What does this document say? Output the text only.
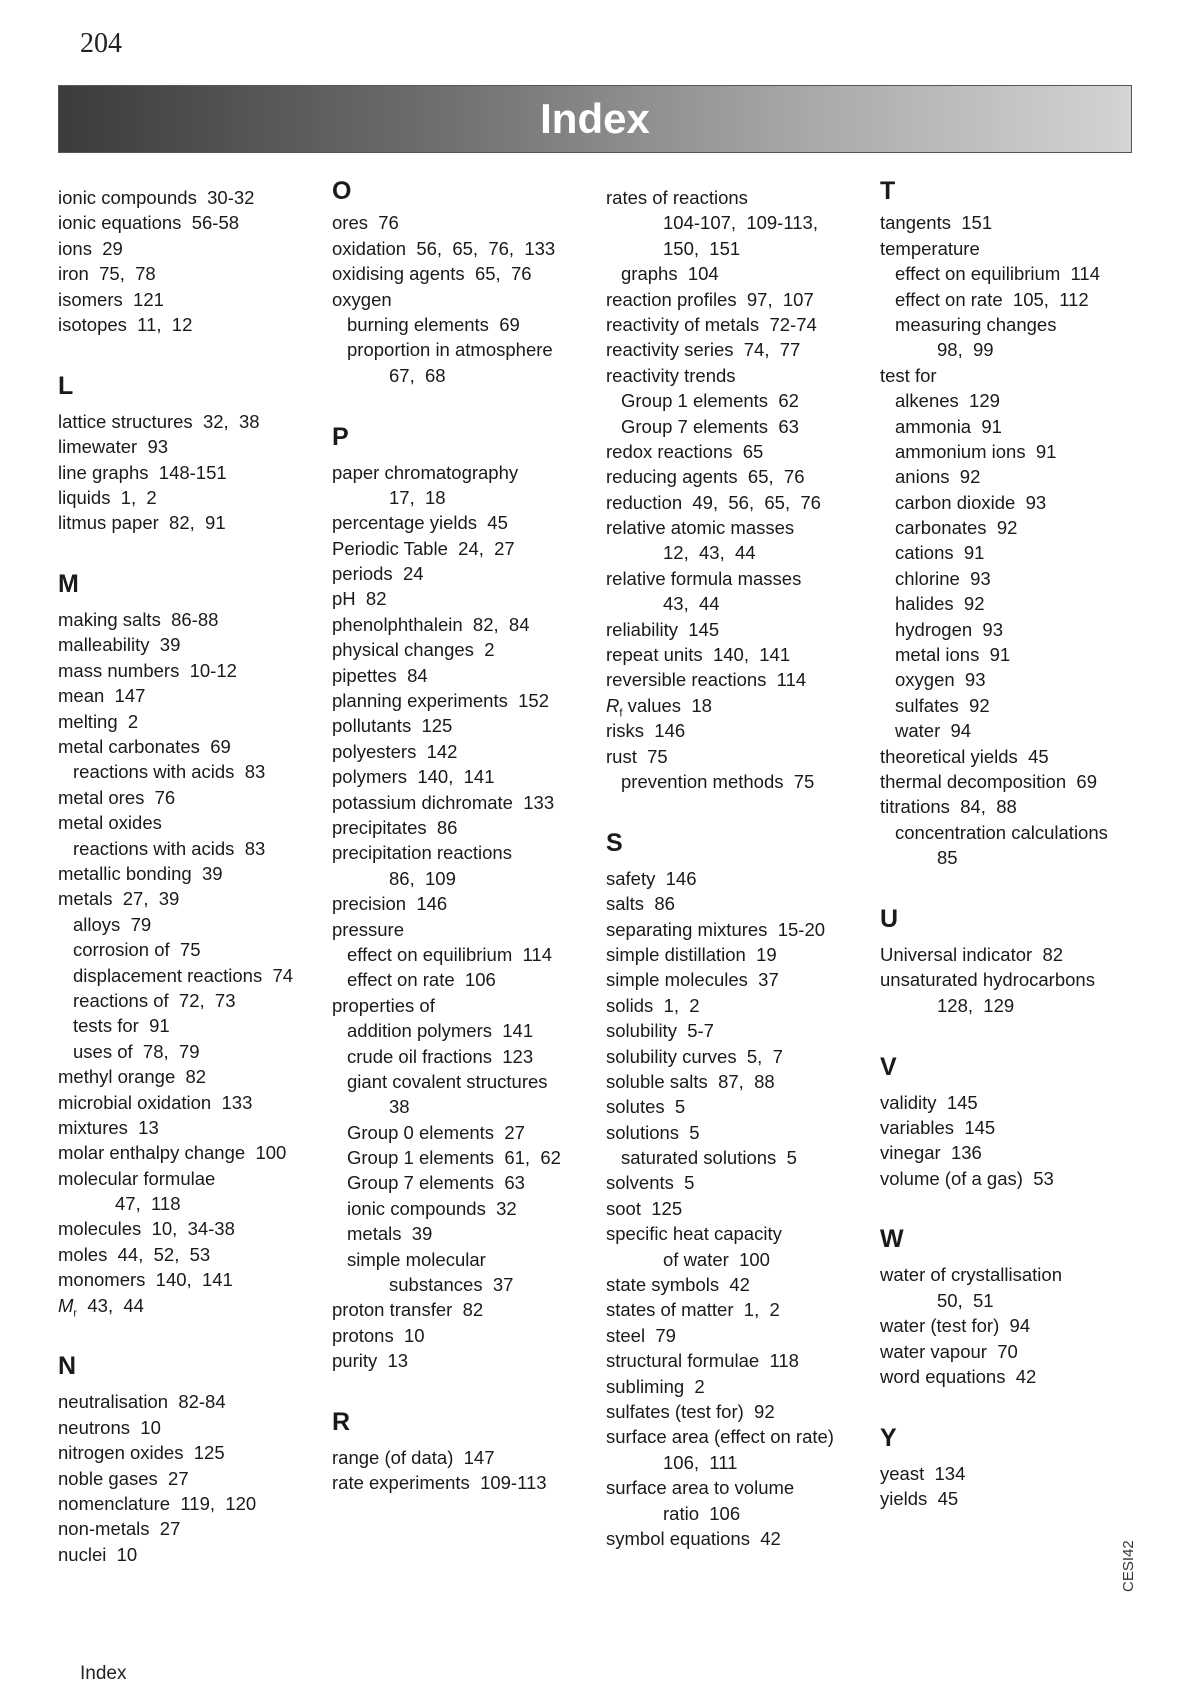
204
Index
ionic compounds  30-32
ionic equations  56-58
ions  29
iron  75,  78
isomers  121
isotopes  11,  12
L
lattice structures  32,  38
limewater  93
line graphs  148-151
liquids  1,  2
litmus paper  82,  91
M
making salts  86-88
malleability  39
mass numbers  10-12
mean  147
melting  2
metal carbonates  69
reactions with acids  83
metal ores  76
metal oxides
reactions with acids  83
metallic bonding  39
metals  27,  39
alloys  79
corrosion of  75
displacement reactions  74
reactions of  72,  73
tests for  91
uses of  78,  79
methyl orange  82
microbial oxidation  133
mixtures  13
molar enthalpy change  100
molecular formulae
47,  118
molecules  10,  34-38
moles  44,  52,  53
monomers  140,  141
$M_r$  43,  44
N
neutralisation  82-84
neutrons  10
nitrogen oxides  125
noble gases  27
nomenclature  119,  120
non-metals  27
nuclei  10
O
ores  76
oxidation  56,  65,  76,  133
oxidising agents  65,  76
oxygen
burning elements  69
proportion in atmosphere
67,  68
P
paper chromatography
17,  18
percentage yields  45
Periodic Table  24,  27
periods  24
pH  82
phenolphthalein  82,  84
physical changes  2
pipettes  84
planning experiments  152
pollutants  125
polyesters  142
polymers  140,  141
potassium dichromate  133
precipitates  86
precipitation reactions
86,  109
precision  146
pressure
effect on equilibrium  114
effect on rate  106
properties of
addition polymers  141
crude oil fractions  123
giant covalent structures
38
Group 0 elements  27
Group 1 elements  61,  62
Group 7 elements  63
ionic compounds  32
metals  39
simple molecular
substances  37
proton transfer  82
protons  10
purity  13
R
range (of data)  147
rate experiments  109-113
rates of reactions
104-107,  109-113,
150,  151
graphs  104
reaction profiles  97,  107
reactivity of metals  72-74
reactivity series  74,  77
reactivity trends
Group 1 elements  62
Group 7 elements  63
redox reactions  65
reducing agents  65,  76
reduction  49,  56,  65,  76
relative atomic masses
12,  43,  44
relative formula masses
43,  44
reliability  145
repeat units  140,  141
reversible reactions  114
$R_f$ values  18
risks  146
rust  75
prevention methods  75
S
safety  146
salts  86
separating mixtures  15-20
simple distillation  19
simple molecules  37
solids  1,  2
solubility  5-7
solubility curves  5,  7
soluble salts  87,  88
solutes  5
solutions  5
saturated solutions  5
solvents  5
soot  125
specific heat capacity
of water  100
state symbols  42
states of matter  1,  2
steel  79
structural formulae  118
subliming  2
sulfates (test for)  92
surface area (effect on rate)
106,  111
surface area to volume
ratio  106
symbol equations  42
T
tangents  151
temperature
effect on equilibrium  114
effect on rate  105,  112
measuring changes
98,  99
test for
alkenes  129
ammonia  91
ammonium ions  91
anions  92
carbon dioxide  93
carbonates  92
cations  91
chlorine  93
halides  92
hydrogen  93
metal ions  91
oxygen  93
sulfates  92
water  94
theoretical yields  45
thermal decomposition  69
titrations  84,  88
concentration calculations
85
U
Universal indicator  82
unsaturated hydrocarbons
128,  129
V
validity  145
variables  145
vinegar  136
volume (of a gas)  53
W
water of crystallisation
50,  51
water (test for)  94
water vapour  70
word equations  42
Y
yeast  134
yields  45
Index
CESI42
